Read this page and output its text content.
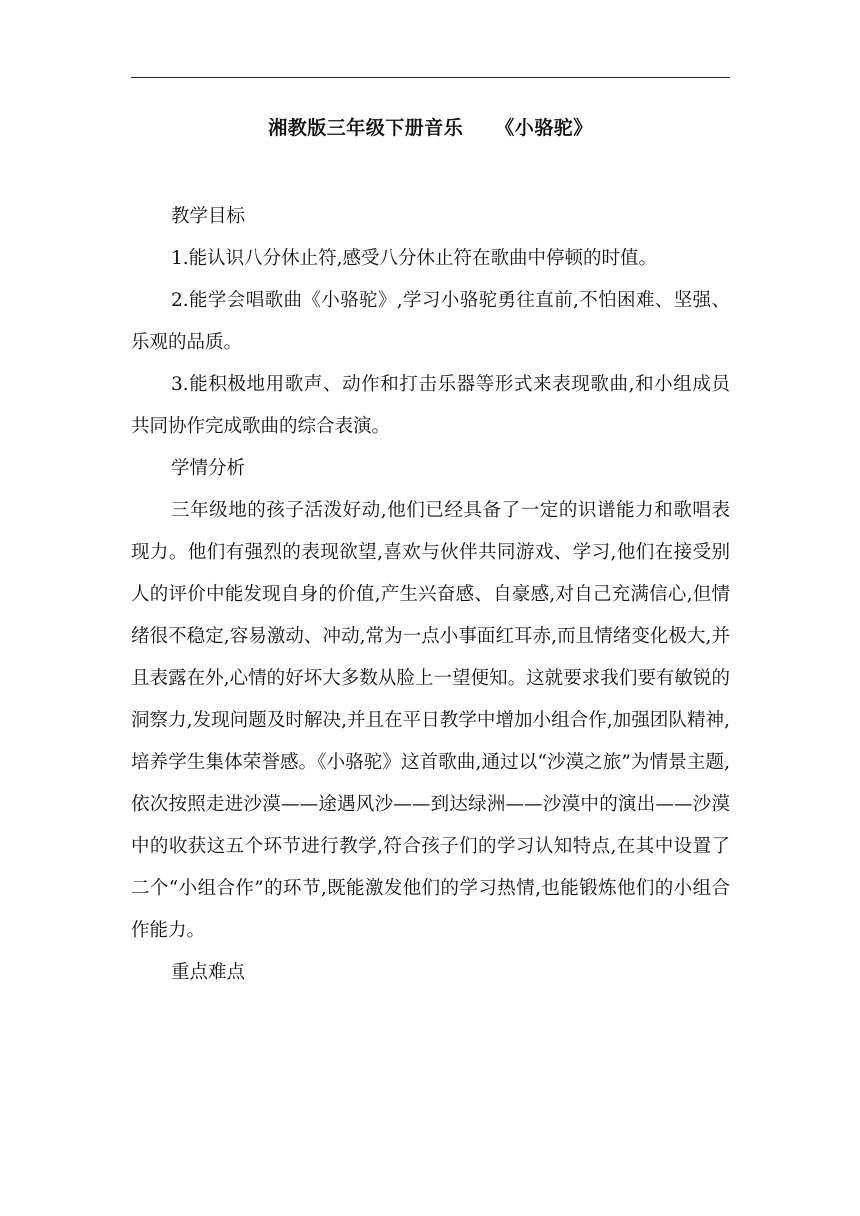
湘教版三年级下册音乐 《小骆驼》

教学目标

1.能认识八分休止符,感受八分休止符在歌曲中停顿的时值。

2.能学会唱歌曲《小骆驼》,学习小骆驼勇往直前,不怕困难、坚强、乐观的品质。

3.能积极地用歌声、动作和打击乐器等形式来表现歌曲,和小组成员共同协作完成歌曲的综合表演。

学情分析

三年级地的孩子活泼好动,他们已经具备了一定的识谱能力和歌唱表现力。他们有强烈的表现欲望,喜欢与伙伴共同游戏、学习,他们在接受别人的评价中能发现自身的价值,产生兴奋感、自豪感,对自己充满信心,但情绪很不稳定,容易激动、冲动,常为一点小事面红耳赤,而且情绪变化极大,并且表露在外,心情的好坏大多数从脸上一望便知。这就要求我们要有敏锐的洞察力,发现问题及时解决,并且在平日教学中增加小组合作,加强团队精神,培养学生集体荣誉感。《小骆驼》这首歌曲,通过以“沙漠之旅”为情景主题,依次按照走进沙漠——途遇风沙——到达绿洲——沙漠中的演出——沙漠中的收获这五个环节进行教学,符合孩子们的学习认知特点,在其中设置了二个“小组合作”的环节,既能激发他们的学习热情,也能锻炼他们的小组合作能力。

重点难点
